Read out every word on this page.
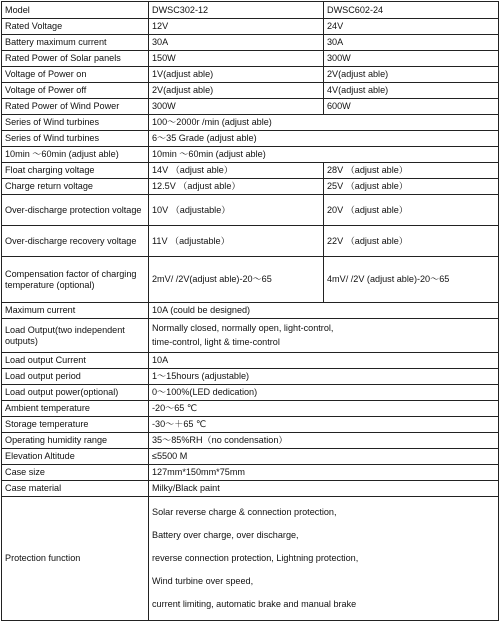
Model	DWSC302-12	DWSC602-24
Rated Voltage	12V	24V
Battery maximum current	30A	30A
Rated Power of Solar panels	150W	300W
Voltage of Power on	1V(adjust able)	2V(adjust able)
Voltage of Power off	2V(adjust able)	4V(adjust able)
Rated Power of Wind Power	300W	600W
Series of Wind turbines	100～2000r /min (adjust able)	
Series of Wind turbines	6～35 Grade (adjust able)	
10min ～60min (adjust able)	10min ～60min (adjust able)	
Float charging voltage	14V （adjust able）	28V （adjust able）
Charge return voltage	12.5V （adjust able）	25V （adjust able）
Over-discharge protection voltage	10V （adjustable）	20V （adjust able）
Over-discharge recovery voltage	11V （adjustable）	22V （adjust able）
Compensation factor of charging temperature (optional)	2mV/ /2V(adjust able)-20～65	4mV/ /2V (adjust able)-20～65
Maximum current	10A (could be designed)	
Load Output(two independent outputs)	Normally closed, normally open, light-control,
time-control, light & time-control	

Load output Current	10A	
Load output period	1～15hours (adjustable)	
Load output power(optional)	0～100%(LED dedication)	
Ambient temperature	-20～65 ℃	
Storage temperature	-30～＋65 ℃	
Operating humidity range	35～85%RH（no condensation）	
Elevation Altitude	≤5500 M	
Case size	127mm*150mm*75mm	
Case material	Milky/Black paint	
Protection function	Solar reverse charge & connection protection,
Battery over charge, over discharge,
reverse connection protection, Lightning protection,
Wind turbine over speed,
current limiting, automatic brake and manual brake	
